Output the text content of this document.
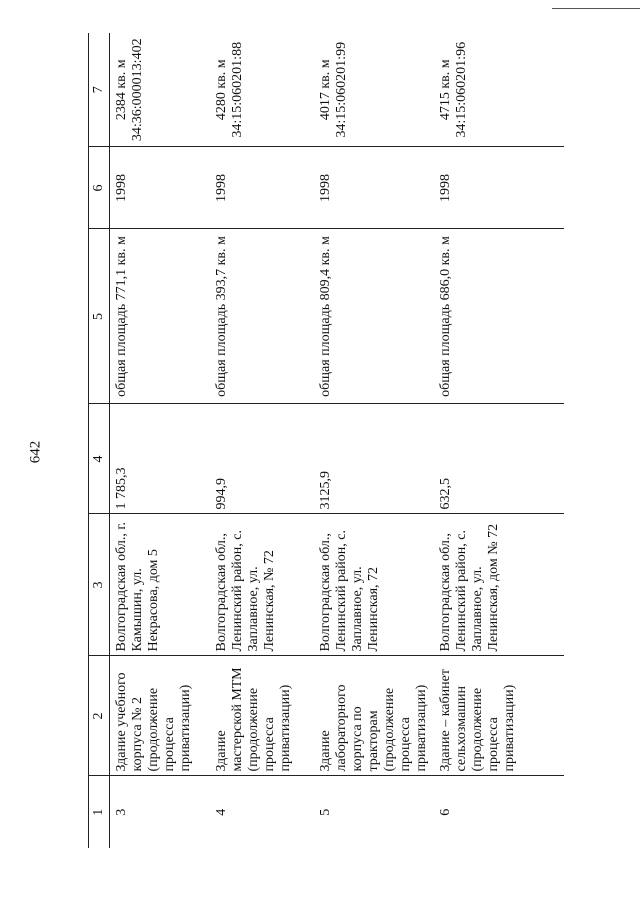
642
1	2	3	4	5	6	7
3	Здание учебного корпуса № 2 (продолжение процесса приватизации)	Волгоградская обл., г. Камышин, ул. Некрасова, дом 5	1 785,3	общая площадь 771,1 кв. м	1998	2384 кв. м
34:36:000013:402
4	Здание мастерской МТМ (продолжение процесса приватизации)	Волгоградская обл., Ленинский район, с. Заплавное, ул. Ленинская, № 72	994,9	общая площадь 393,7 кв. м	1998	4280 кв. м
34:15:060201:88
5	Здание лабораторного корпуса по тракторам (продолжение процесса приватизации)	Волгоградская обл., Ленинский район, с. Заплавное, ул. Ленинская, 72	3125,9	общая площадь 809,4 кв. м	1998	4017 кв. м
34:15:060201:99
6	Здание – кабинет сельхозмашин (продолжение процесса приватизации)	Волгоградская обл., Ленинский район, с. Заплавное, ул. Ленинская, дом № 72	632,5	общая площадь 686,0 кв. м	1998	4715 кв. м
34:15:060201:96
